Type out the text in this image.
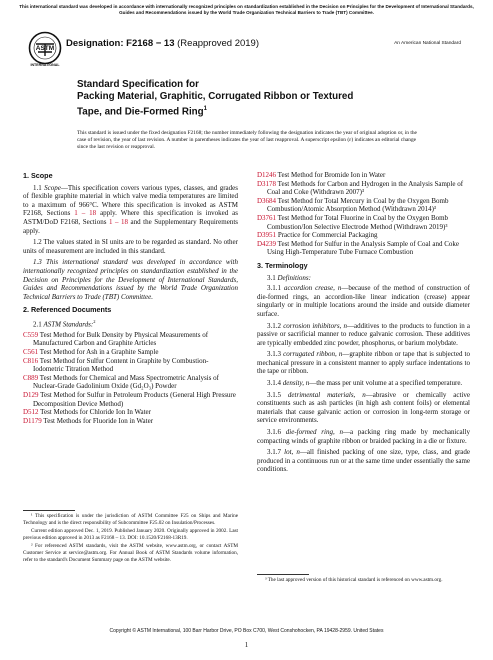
This international standard was developed in accordance with internationally recognized principles on standardization established in the Decision on Principles for the Development of International Standards, Guides and Recommendations issued by the World Trade Organization Technical Barriers to Trade (TBT) Committee.
ASTM
INTERNATIONAL
Designation: F2168 − 13 (Reapproved 2019)	An American National Standard
Standard Specification for
Packing Material, Graphitic, Corrugated Ribbon or Textured
Tape, and Die-Formed Ring$^1$
This standard is issued under the fixed designation F2168; the number immediately following the designation indicates the year of original adoption or, in the case of revision, the year of last revision. A number in parentheses indicates the year of last reapproval. A superscript epsilon (ε) indicates an editorial change since the last revision or reapproval.
1. Scope

1.1 Scope—This specification covers various types, classes, and grades of flexible graphite material in which valve media temperatures are limited to a maximum of 966°C. Where this specification is invoked as ASTM F2168, Sections 1 – 18 apply. Where this specification is invoked as ASTM/DoD F2168, Sections 1 – 18 and the Supplementary Requirements apply.

1.2 The values stated in SI units are to be regarded as standard. No other units of measurement are included in this standard.

1.3 This international standard was developed in accordance with internationally recognized principles on standardization established in the Decision on Principles for the Development of International Standards, Guides and Recommendations issued by the World Trade Organization Technical Barriers to Trade (TBT) Committee.

2. Referenced Documents

2.1 ASTM Standards:$^2$

C559 Test Method for Bulk Density by Physical Measurements of Manufactured Carbon and Graphite Articles

C561 Test Method for Ash in a Graphite Sample

C816 Test Method for Sulfur Content in Graphite by Combustion-Iodometric Titration Method

C889 Test Methods for Chemical and Mass Spectrometric Analysis of Nuclear-Grade Gadolinium Oxide (Gd₂O₃) Powder

D129 Test Method for Sulfur in Petroleum Products (General High Pressure Decomposition Device Method)

D512 Test Methods for Chloride Ion In Water

D1179 Test Methods for Fluoride Ion in Water

D1246 Test Method for Bromide Ion in Water

D3178 Test Methods for Carbon and Hydrogen in the Analysis Sample of Coal and Coke (Withdrawn 2007)³

D3684 Test Method for Total Mercury in Coal by the Oxygen Bomb Combustion/Atomic Absorption Method (Withdrawn 2014)³

D3761 Test Method for Total Fluorine in Coal by the Oxygen Bomb Combustion/Ion Selective Electrode Method (Withdrawn 2019)³

D3951 Practice for Commercial Packaging

D4239 Test Method for Sulfur in the Analysis Sample of Coal and Coke Using High-Temperature Tube Furnace Combustion

3. Terminology

3.1 Definitions:

3.1.1 accordion crease, n—because of the method of construction of die-formed rings, an accordion-like linear indication (crease) appear singularly or in multiple locations around the inside and outside diameter surface.

3.1.2 corrosion inhibitors, n—additives to the products to function in a passive or sacrificial manner to reduce galvanic corrosion. These additives are typically embedded zinc powder, phosphorus, or barium molybdate.

3.1.3 corrugated ribbon, n—graphite ribbon or tape that is subjected to mechanical pressure in a consistent manner to apply surface indentations to the tape or ribbon.

3.1.4 density, n—the mass per unit volume at a specified temperature.

3.1.5 detrimental materials, n—abrasive or chemically active constituents such as ash particles (in high ash content foils) or elemental materials that cause galvanic action or corrosion in long-term storage or service environments.

3.1.6 die-formed ring, n—a packing ring made by mechanically compacting winds of graphite ribbon or braided packing in a die or fixture.

3.1.7 lot, n—all finished packing of one size, type, class, and grade produced in a continuous run or at the same time under essentially the same conditions.

¹ This specification is under the jurisdiction of ASTM Committee F25 on Ships and Marine Technology and is the direct responsibility of Subcommittee F25.02 on Insulation/Processes.

Current edition approved Dec. 1, 2019. Published January 2020. Originally approved in 2002. Last previous edition approved in 2013 as F2168 – 13. DOI: 10.1520/F2168-13R19.

² For referenced ASTM standards, visit the ASTM website, www.astm.org, or contact ASTM Customer Service at service@astm.org. For Annual Book of ASTM Standards volume information, refer to the standard's Document Summary page on the ASTM website.

³ The last approved version of this historical standard is referenced on www.astm.org.

Copyright © ASTM International, 100 Barr Harbor Drive, PO Box C700, West Conshohocken, PA 19428-2959. United States
1
